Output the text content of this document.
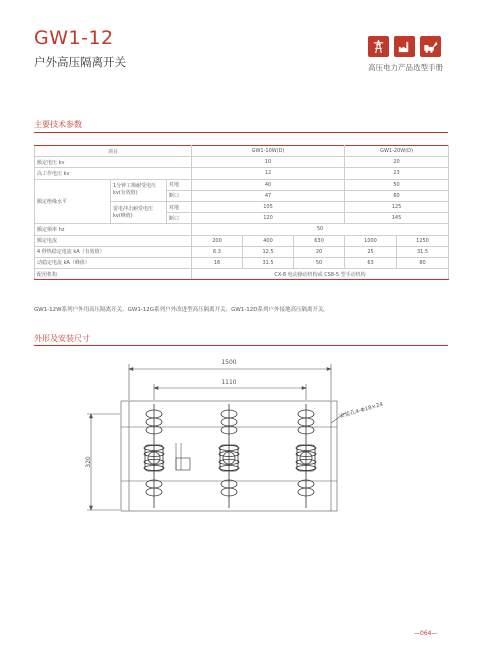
GW1-12
户外高压隔离开关	高压电力产品选型手册
主要技术参数
项目			GW1-10W(D)			GW1-20W(D)	
额定电压 kv			10			20	
高工作电压 kv			12			23	
额定绝缘水平	1分钟工频耐受电压 kv(有效值)	对地	40			50	
		断口	47			60	
	雷电冲击耐受电压 kv(峰值)	对地	105			125	
		断口	120			145	
额定频率 hz			50				
额定电流			200	400	630	1000	1250
4 秒热稳定电流 kA（有效值）			6.3	12.5	20	25	31.5
动稳定电流 kA（峰值）			16	31.5	50	63	80
配用机构			CX-8 电动操动机构或 CS8-5 型手动机构				
GW1-12W系列户外用高压隔离开关、GW1-12G系列户外改进型高压隔离开关、GW1-12D系列户外接地高压隔离开关。
外形及安装尺寸
1500
1110
320
安装孔4-Φ18×24
—064—
